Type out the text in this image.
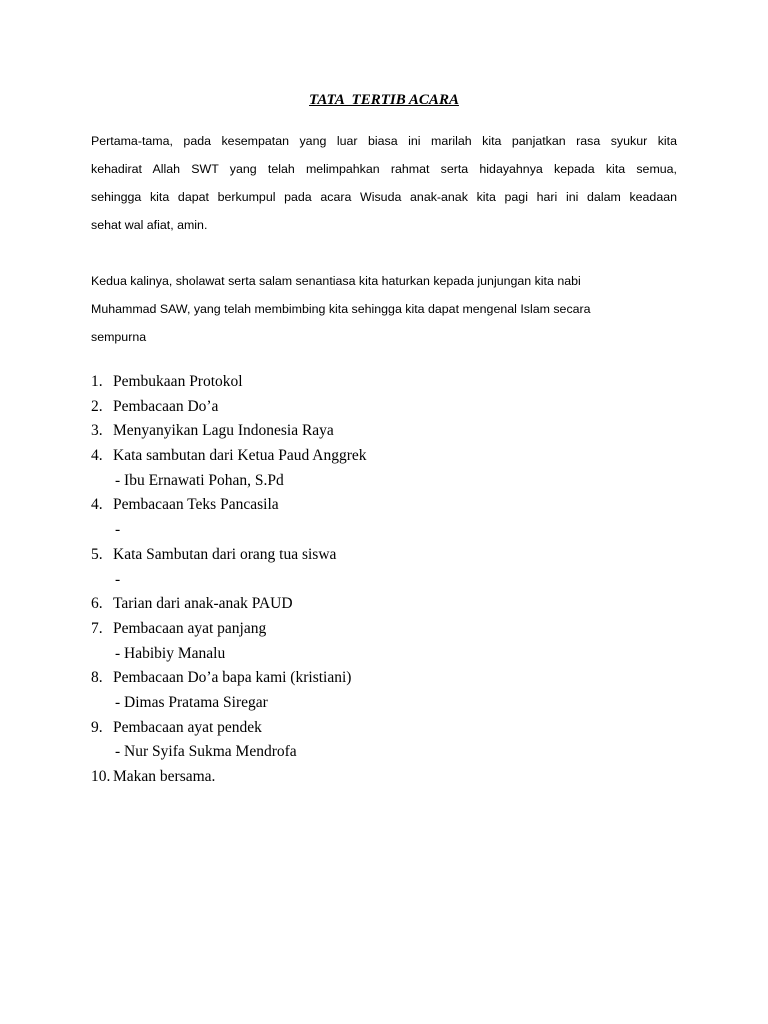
TATA  TERTIB ACARA
Pertama-tama, pada kesempatan yang luar biasa ini marilah kita panjatkan rasa syukur kita
kehadirat Allah SWT yang telah melimpahkan rahmat serta hidayahnya kepada kita semua,
sehingga kita dapat berkumpul pada acara Wisuda anak-anak kita pagi hari ini dalam keadaan
sehat wal afiat, amin.
Kedua kalinya, sholawat serta salam senantiasa kita haturkan kepada junjungan kita nabi
Muhammad SAW, yang telah membimbing kita sehingga kita dapat mengenal Islam secara
sempurna
1. Pembukaan Protokol
2. Pembacaan Do’a
3. Menyanyikan Lagu Indonesia Raya
4. Kata sambutan dari Ketua Paud Anggrek
- Ibu Ernawati Pohan, S.Pd
4. Pembacaan Teks Pancasila
-
5. Kata Sambutan dari orang tua siswa
-
6. Tarian dari anak-anak PAUD
7. Pembacaan ayat panjang
- Habibiy Manalu
8. Pembacaan Do’a bapa kami (kristiani)
- Dimas Pratama Siregar
9. Pembacaan ayat pendek
- Nur Syifa Sukma Mendrofa
10. Makan bersama.
